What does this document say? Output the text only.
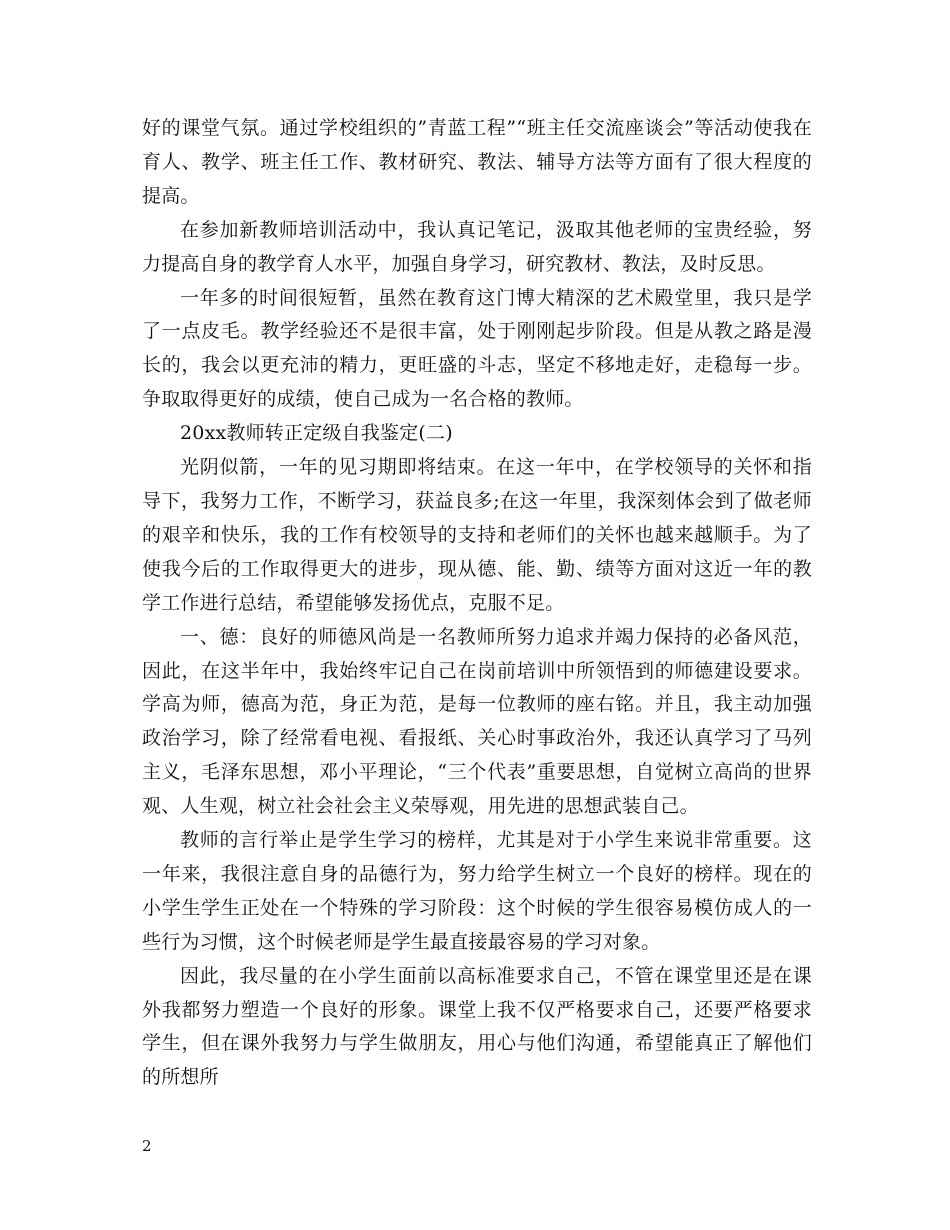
好的课堂气氛。通过学校组织的”青蓝工程”“班主任交流座谈会”等活动使我在育人、教学、班主任工作、教材研究、教法、辅导方法等方面有了很大程度的提高。

在参加新教师培训活动中，我认真记笔记，汲取其他老师的宝贵经验，努力提高自身的教学育人水平，加强自身学习，研究教材、教法，及时反思。

一年多的时间很短暂，虽然在教育这门博大精深的艺术殿堂里，我只是学了一点皮毛。教学经验还不是很丰富，处于刚刚起步阶段。但是从教之路是漫长的，我会以更充沛的精力，更旺盛的斗志，坚定不移地走好，走稳每一步。争取取得更好的成绩，使自己成为一名合格的教师。

20xx教师转正定级自我鉴定(二)

光阴似箭，一年的见习期即将结束。在这一年中，在学校领导的关怀和指导下，我努力工作，不断学习，获益良多;在这一年里，我深刻体会到了做老师的艰辛和快乐，我的工作有校领导的支持和老师们的关怀也越来越顺手。为了使我今后的工作取得更大的进步，现从德、能、勤、绩等方面对这近一年的教学工作进行总结，希望能够发扬优点，克服不足。

一、德：良好的师德风尚是一名教师所努力追求并竭力保持的必备风范，因此，在这半年中，我始终牢记自己在岗前培训中所领悟到的师德建设要求。学高为师，德高为范，身正为范，是每一位教师的座右铭。并且，我主动加强政治学习，除了经常看电视、看报纸、关心时事政治外，我还认真学习了马列主义，毛泽东思想，邓小平理论，“三个代表”重要思想，自觉树立高尚的世界观、人生观，树立社会社会主义荣辱观，用先进的思想武装自己。

教师的言行举止是学生学习的榜样，尤其是对于小学生来说非常重要。这一年来，我很注意自身的品德行为，努力给学生树立一个良好的榜样。现在的小学生学生正处在一个特殊的学习阶段：这个时候的学生很容易模仿成人的一些行为习惯，这个时候老师是学生最直接最容易的学习对象。

因此，我尽量的在小学生面前以高标准要求自己，不管在课堂里还是在课外我都努力塑造一个良好的形象。课堂上我不仅严格要求自己，还要严格要求学生，但在课外我努力与学生做朋友，用心与他们沟通，希望能真正了解他们的所想所

2
